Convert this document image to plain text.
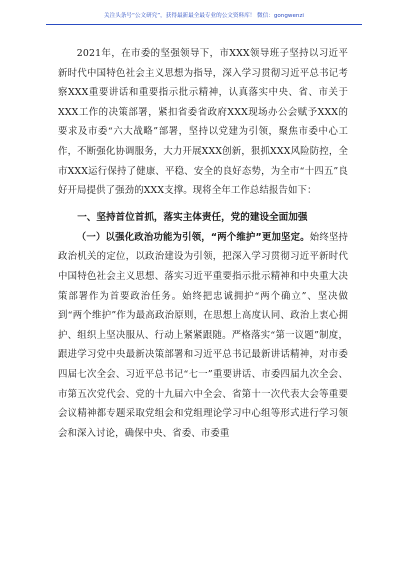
关注头条号“公文研究”，获得最新最全最专业的公文资料库！ 微信：gongwenzi

2021年，在市委的坚强领导下，市XXX领导班子坚持以习近平新时代中国特色社会主义思想为指导，深入学习贯彻习近平总书记考察XXX重要讲话和重要指示批示精神，认真落实中央、省、市关于XXX工作的决策部署，紧扣省委省政府XXX现场办公会赋予XXX的要求及市委“六大战略”部署，坚持以党建为引领，聚焦市委中心工作，不断强化协调服务，大力开展XXX创新，狠抓XXX风险防控，全市XXX运行保持了健康、平稳、安全的良好态势，为全市“十四五”良好开局提供了强劲的XXX支撑。现将全年工作总结报告如下：

一、坚持首位首抓，落实主体责任，党的建设全面加强

（一）以强化政治功能为引领，“两个维护”更加坚定。始终坚持政治机关的定位，以政治建设为引领，把深入学习贯彻习近平新时代中国特色社会主义思想、落实习近平重要指示批示精神和中央重大决策部署作为首要政治任务。始终把忠诚拥护“两个确立”、坚决做到“两个维护”作为最高政治原则，在思想上高度认同、政治上衷心拥护、组织上坚决服从、行动上紧紧跟随。严格落实“第一议题”制度，跟进学习党中央最新决策部署和习近平总书记最新讲话精神，对市委四届七次全会、习近平总书记“七一”重要讲话、市委四届九次全会、市第五次党代会、党的十九届六中全会、省第十一次代表大会等重要会议精神都专题采取党组会和党组理论学习中心组等形式进行学习领会和深入讨论，确保中央、省委、市委重
